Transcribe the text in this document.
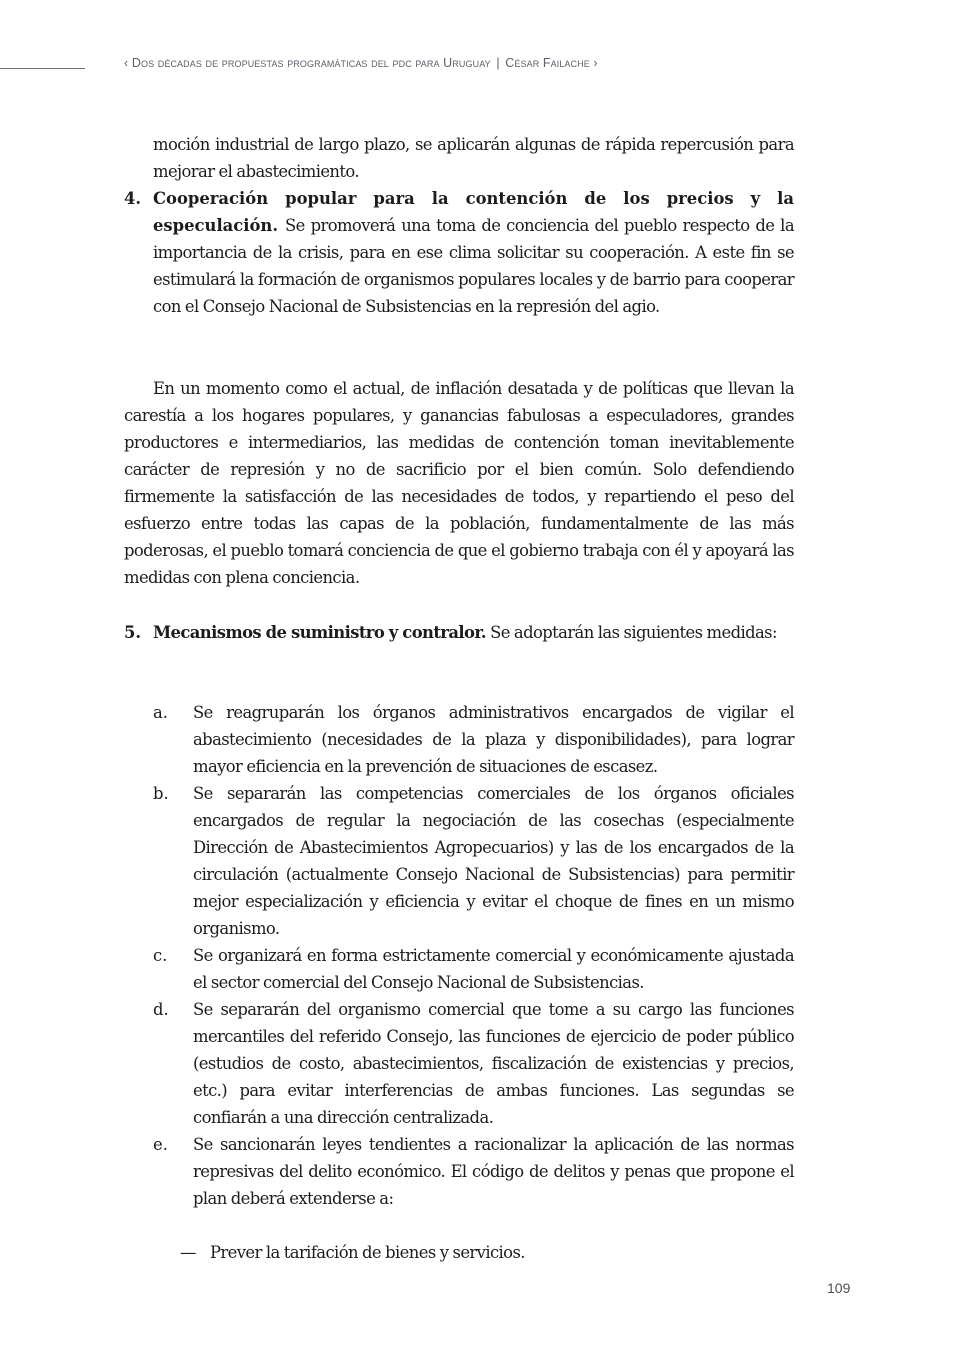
‹ Dos décadas de propuestas programáticas del pdc para Uruguay | César Failache ›
moción industrial de largo plazo, se aplicarán algunas de rápida repercusión para mejorar el abastecimiento.
4. Cooperación popular para la contención de los precios y la especulación. Se promoverá una toma de conciencia del pueblo respecto de la importancia de la crisis, para en ese clima solicitar su cooperación. A este fin se estimulará la formación de organismos populares locales y de barrio para cooperar con el Consejo Nacional de Subsistencias en la represión del agio.
En un momento como el actual, de inflación desatada y de políticas que llevan la carestía a los hogares populares, y ganancias fabulosas a especuladores, grandes productores e intermediarios, las medidas de contención toman inevitablemente carácter de represión y no de sacrificio por el bien común. Solo defendiendo firmemente la satisfacción de las necesidades de todos, y repartiendo el peso del esfuerzo entre todas las capas de la población, fundamentalmente de las más poderosas, el pueblo tomará conciencia de que el gobierno trabaja con él y apoyará las medidas con plena conciencia.
5. Mecanismos de suministro y contralor. Se adoptarán las siguientes medidas:
a. Se reagruparán los órganos administrativos encargados de vigilar el abastecimiento (necesidades de la plaza y disponibilidades), para lograr mayor eficiencia en la prevención de situaciones de escasez.
b. Se separarán las competencias comerciales de los órganos oficiales encargados de regular la negociación de las cosechas (especialmente Dirección de Abastecimientos Agropecuarios) y las de los encargados de la circulación (actualmente Consejo Nacional de Subsistencias) para permitir mejor especialización y eficiencia y evitar el choque de fines en un mismo organismo.
c. Se organizará en forma estrictamente comercial y económicamente ajustada el sector comercial del Consejo Nacional de Subsistencias.
d. Se separarán del organismo comercial que tome a su cargo las funciones mercantiles del referido Consejo, las funciones de ejercicio de poder público (estudios de costo, abastecimientos, fiscalización de existencias y precios, etc.) para evitar interferencias de ambas funciones. Las segundas se confiarán a una dirección centralizada.
e. Se sancionarán leyes tendientes a racionalizar la aplicación de las normas represivas del delito económico. El código de delitos y penas que propone el plan deberá extenderse a:
— Prever la tarifación de bienes y servicios.
109
